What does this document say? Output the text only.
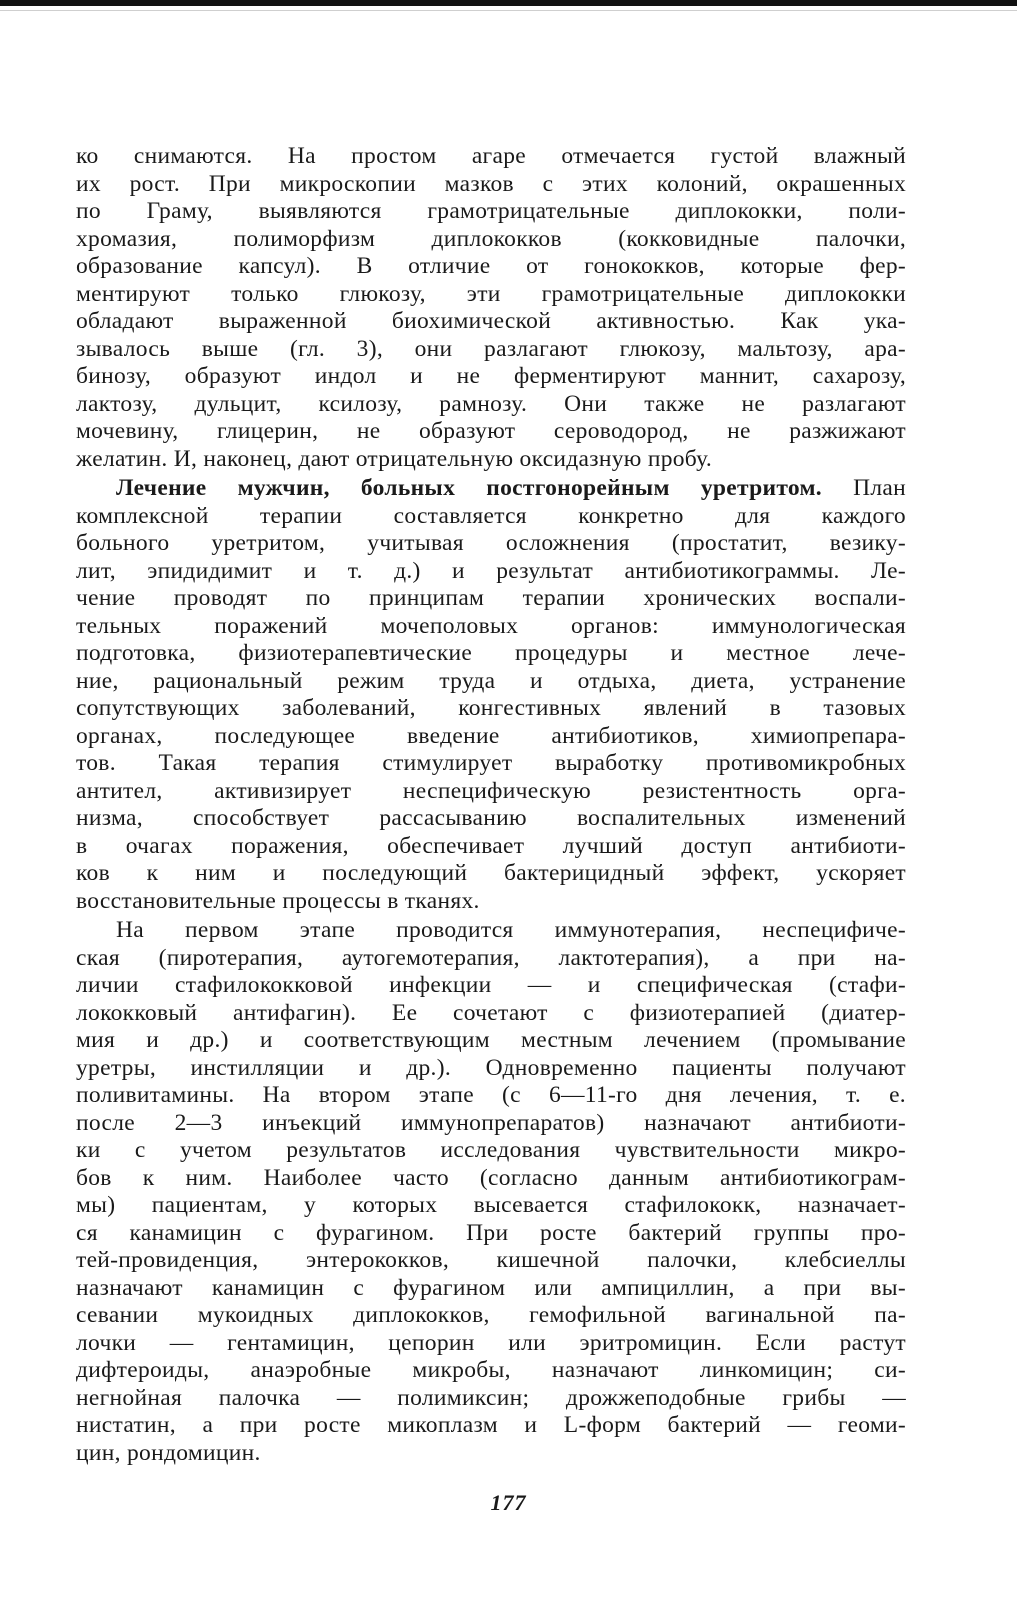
ко снимаются. На простом агаре отмечается густой влажный
их рост. При микроскопии мазков с этих колоний, окрашенных
по Граму, выявляются грамотрицательные диплококки, поли-
хромазия, полиморфизм диплококков (кокковидные палочки,
образование капсул). В отличие от гонококков, которые фер-
ментируют только глюкозу, эти грамотрицательные диплококки
обладают выраженной биохимической активностью. Как ука-
зывалось выше (гл. 3), они разлагают глюкозу, мальтозу, ара-
бинозу, образуют индол и не ферментируют маннит, сахарозу,
лактозу, дульцит, ксилозу, рамнозу. Они также не разлагают
мочевину, глицерин, не образуют сероводород, не разжижают
желатин. И, наконец, дают отрицательную оксидазную пробу.
Лечение мужчин, больных постгонорейным уретритом. План
комплексной терапии составляется конкретно для каждого
больного уретритом, учитывая осложнения (простатит, везику-
лит, эпидидимит и т. д.) и результат антибиотикограммы. Ле-
чение проводят по принципам терапии хронических воспали-
тельных поражений мочеполовых органов: иммунологическая
подготовка, физиотерапевтические процедуры и местное лече-
ние, рациональный режим труда и отдыха, диета, устранение
сопутствующих заболеваний, конгестивных явлений в тазовых
органах, последующее введение антибиотиков, химиопрепара-
тов. Такая терапия стимулирует выработку противомикробных
антител, активизирует неспецифическую резистентность орга-
низма, способствует рассасыванию воспалительных изменений
в очагах поражения, обеспечивает лучший доступ антибиоти-
ков к ним и последующий бактерицидный эффект, ускоряет
восстановительные процессы в тканях.
На первом этапе проводится иммунотерапия, неспецифиче-
ская (пиротерапия, аутогемотерапия, лактотерапия), а при на-
личии стафилококковой инфекции — и специфическая (стафи-
лококковый антифагин). Ее сочетают с физиотерапией (диатер-
мия и др.) и соответствующим местным лечением (промывание
уретры, инстилляции и др.). Одновременно пациенты получают
поливитамины. На втором этапе (с 6—11-го дня лечения, т. е.
после 2—3 инъекций иммунопрепаратов) назначают антибиоти-
ки с учетом результатов исследования чувствительности микро-
бов к ним. Наиболее часто (согласно данным антибиотикограм-
мы) пациентам, у которых высевается стафилококк, назначает-
ся канамицин с фурагином. При росте бактерий группы про-
тей-провиденция, энтерококков, кишечной палочки, клебсиеллы
назначают канамицин с фурагином или ампициллин, а при вы-
севании мукоидных диплококков, гемофильной вагинальной па-
лочки — гентамицин, цепорин или эритромицин. Если растут
дифтероиды, анаэробные микробы, назначают линкомицин; си-
негнойная палочка — полимиксин; дрожжеподобные грибы —
нистатин, а при росте микоплазм и L-форм бактерий — геоми-
цин, рондомицин.
177
